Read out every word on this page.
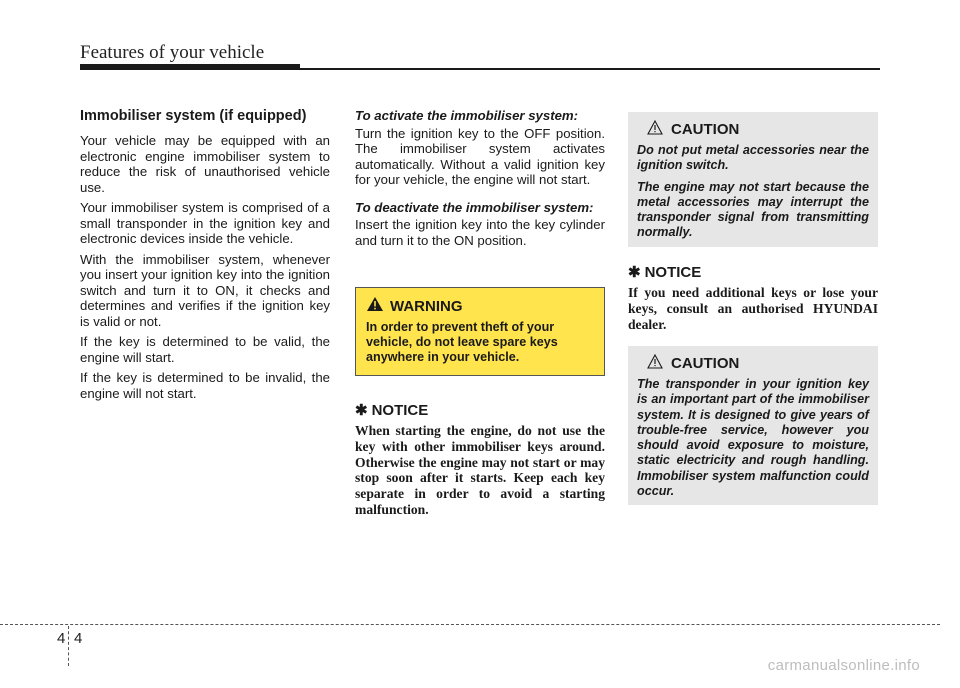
Features of your vehicle
Immobiliser system (if equipped)

Your vehicle may be equipped with an electronic engine immobiliser system to reduce the risk of unauthorised vehicle use.

Your immobiliser system is comprised of a small transponder in the ignition key and electronic devices inside the vehicle.

With the immobiliser system, whenever you insert your ignition key into the ignition switch and turn it to ON, it checks and determines and verifies if the ignition key is valid or not.

If the key is determined to be valid, the engine will start.

If the key is determined to be invalid, the engine will not start.

To activate the immobiliser system:

Turn the ignition key to the OFF position. The immobiliser system activates automatically. Without a valid ignition key for your vehicle, the engine will not start.

To deactivate the immobiliser system:

Insert the ignition key into the key cylinder and turn it to the ON position.

WARNING
In order to prevent theft of your vehicle, do not leave spare keys anywhere in your vehicle.
✱ NOTICE

When starting the engine, do not use the key with other immobiliser keys around. Otherwise the engine may not start or may stop soon after it starts. Keep each key separate in order to avoid a starting malfunction.

CAUTION

Do not put metal accessories near the ignition switch.

The engine may not start because the metal accessories may interrupt the transponder signal from transmitting normally.

✱ NOTICE

If you need additional keys or lose your keys, consult an authorised HYUNDAI dealer.

CAUTION

The transponder in your ignition key is an important part of the immobiliser system. It is designed to give years of trouble-free service, however you should avoid exposure to moisture, static electricity and rough handling. Immobiliser system malfunction could occur.

4 4
carmanualsonline.info
